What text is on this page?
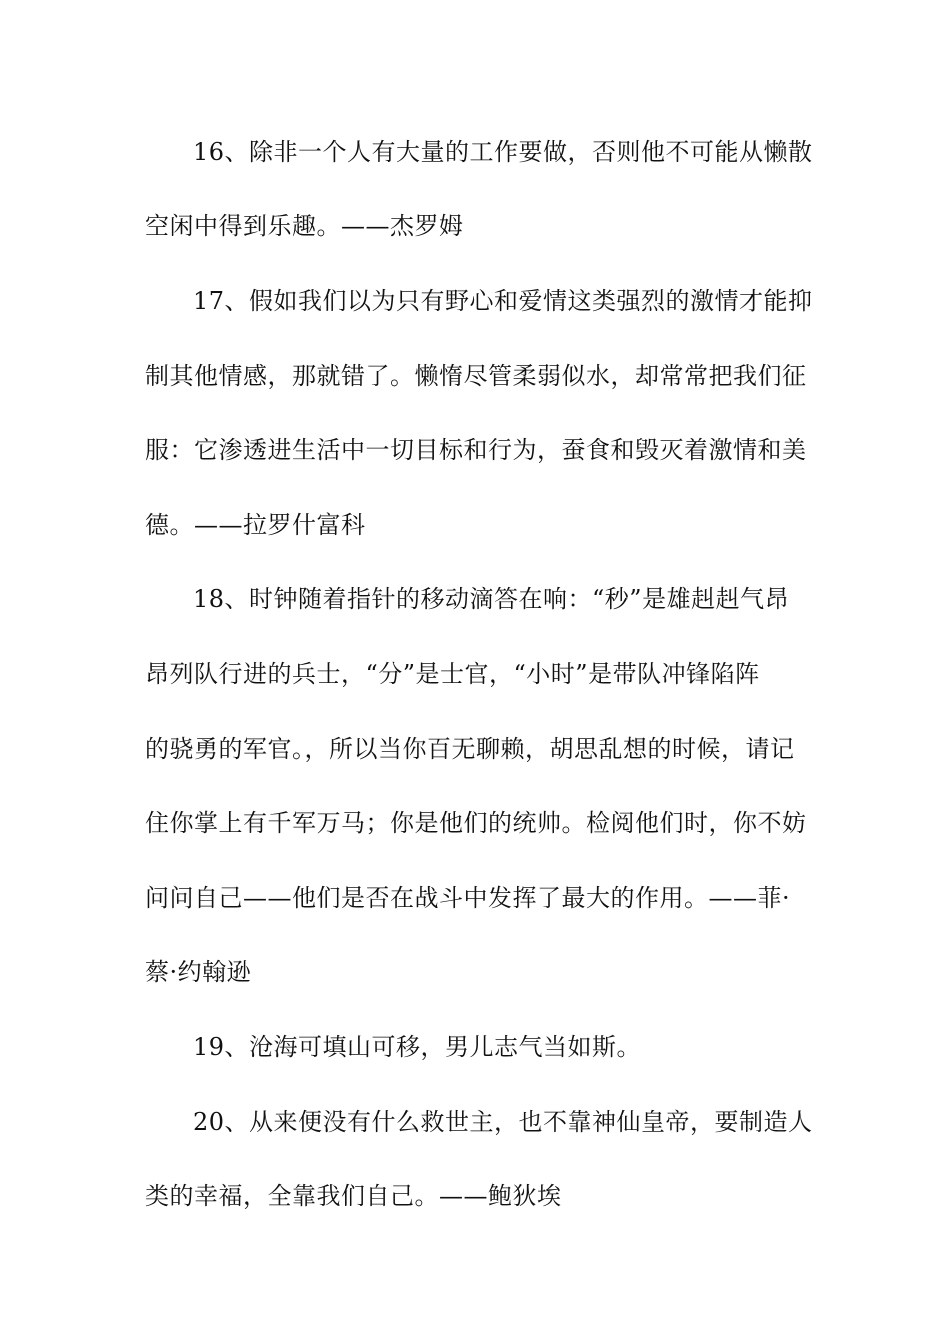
16、除非一个人有大量的工作要做，否则他不可能从懒散
空闲中得到乐趣。——杰罗姆
17、假如我们以为只有野心和爱情这类强烈的激情才能抑
制其他情感，那就错了。懒惰尽管柔弱似水，却常常把我们征
服：它渗透进生活中一切目标和行为，蚕食和毁灭着激情和美
德。——拉罗什富科
18、时钟随着指针的移动滴答在响：“秒”是雄赳赳气昂
昂列队行进的兵士，“分”是士官，“小时”是带队冲锋陷阵
的骁勇的军官。，所以当你百无聊赖，胡思乱想的时候，请记
住你掌上有千军万马；你是他们的统帅。检阅他们时，你不妨
问问自己——他们是否在战斗中发挥了最大的作用。——菲·
蔡·约翰逊
19、沧海可填山可移，男儿志气当如斯。
20、从来便没有什么救世主，也不靠神仙皇帝，要制造人
类的幸福，全靠我们自己。——鲍狄埃
